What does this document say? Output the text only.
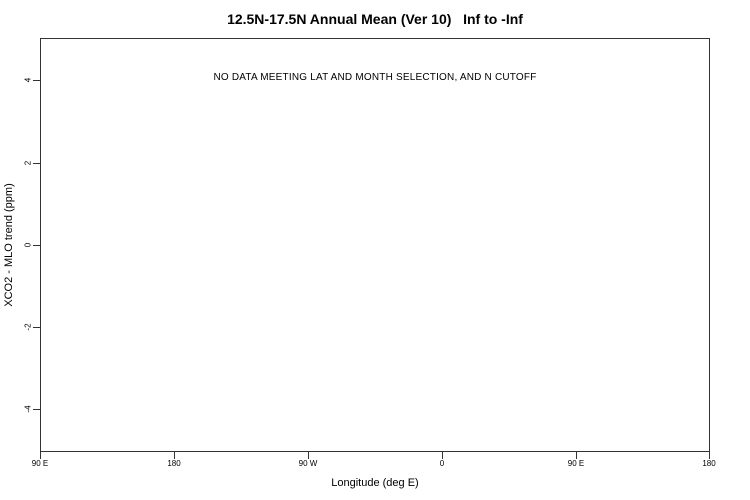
12.5N-17.5N Annual Mean (Ver 10)   Inf to -Inf
NO DATA MEETING LAT AND MONTH SELECTION, AND N CUTOFF
4
2
0
-2
-4
90 E	180	90 W	0	90 E	180
XCO2 - MLO trend (ppm)
Longitude (deg E)
